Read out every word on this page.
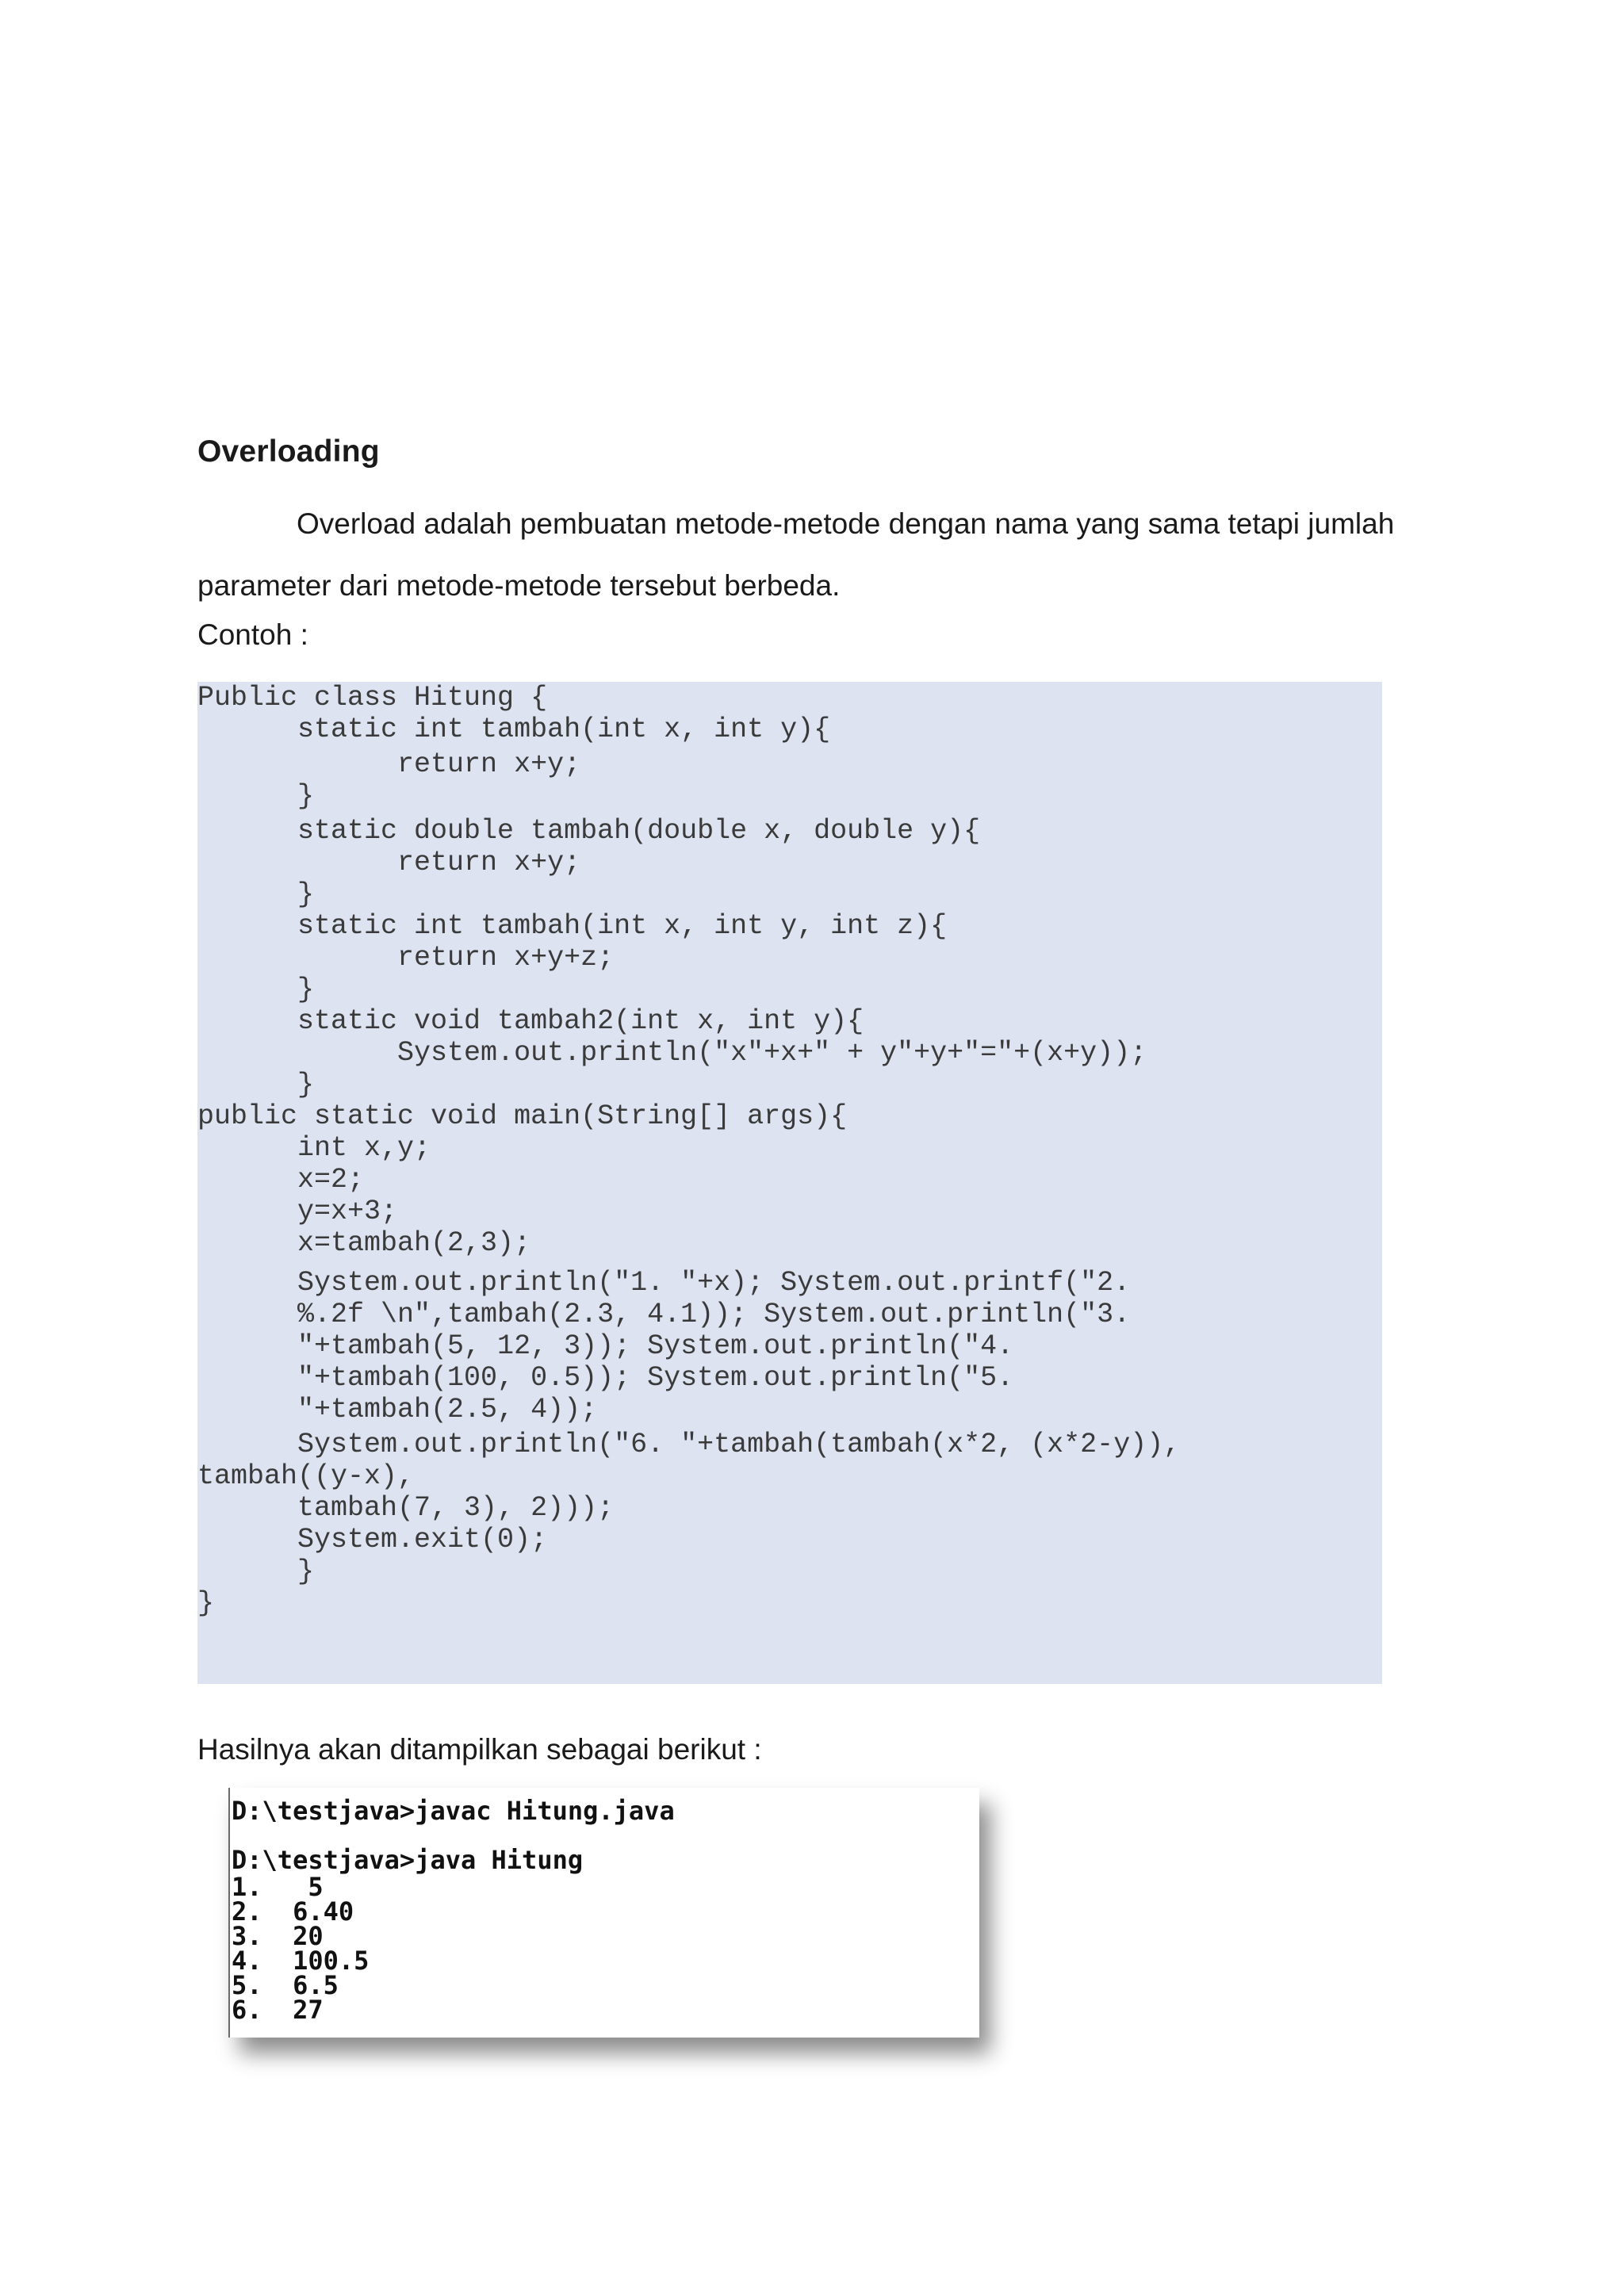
Overloading
Overload adalah pembuatan metode-metode dengan nama yang sama tetapi jumlah
parameter dari metode-metode tersebut berbeda.
Contoh :
Public class Hitung {
static int tambah(int x, int y){
return x+y;
}
static double tambah(double x, double y){
return x+y;
}
static int tambah(int x, int y, int z){
return x+y+z;
}
static void tambah2(int x, int y){
System.out.println("x"+x+" + y"+y+"="+(x+y));
}
public static void main(String[] args){
int x,y;
x=2;
y=x+3;
x=tambah(2,3);
System.out.println("1. "+x); System.out.printf("2.
%.2f \n",tambah(2.3, 4.1)); System.out.println("3.
"+tambah(5, 12, 3)); System.out.println("4.
"+tambah(100, 0.5)); System.out.println("5.
"+tambah(2.5, 4));
System.out.println("6. "+tambah(tambah(x*2, (x*2-y)),
tambah((y-x),
tambah(7, 3), 2)));
System.exit(0);
}
}
Hasilnya akan ditampilkan sebagai berikut :
D:\testjava>javac Hitung.java
D:\testjava>java Hitung
1.   5
2.  6.40
3.  20
4.  100.5
5.  6.5
6.  27
